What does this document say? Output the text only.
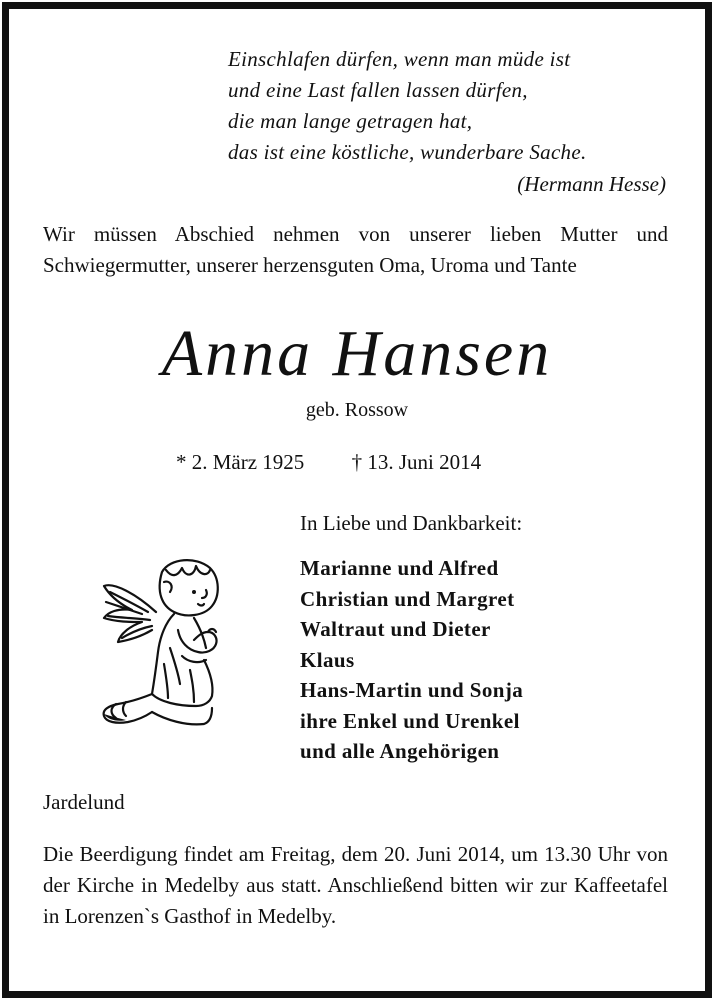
Einschlafen dürfen, wenn man müde ist
und eine Last fallen lassen dürfen,
die man lange getragen hat,
das ist eine köstliche, wunderbare Sache.
(Hermann Hesse)
Wir müssen Abschied nehmen von unserer lieben Mutter und Schwiegermutter, unserer herzensguten Oma, Uroma und Tante
Anna Hansen
geb. Rossow
* 2. März 1925 † 13. Juni 2014
In Liebe und Dankbarkeit:
Marianne und Alfred
Christian und Margret
Waltraut und Dieter
Klaus
Hans-Martin und Sonja
ihre Enkel und Urenkel
und alle Angehörigen
Jardelund
Die Beerdigung findet am Freitag, dem 20. Juni 2014, um 13.30 Uhr von der Kirche in Medelby aus statt. Anschließend bitten wir zur Kaffeetafel in Lorenzen`s Gasthof in Medelby.
